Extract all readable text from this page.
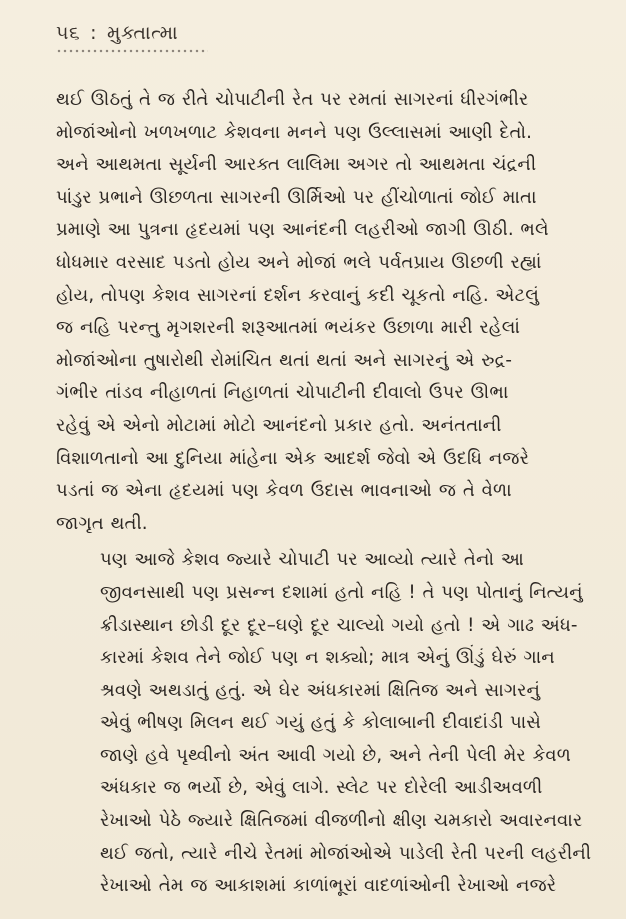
૫૬ : મુક્તાત્મા

થઈ ઊઠતું તે જ રીતે ચોપાટીની રેત પર રમતાં સાગરનાં ધીરગંભીર
મોજાંઓનો ખળખળાટ કેશવના મનને પણ ઉલ્લાસમાં આણી દેતો.
અને આથમતા સૂર્યની આરક્ત લાલિમા અગર તો આથમતા ચંદ્રની
પાંડુર પ્રભાને ઊછળતા સાગરની ઊર્મિઓ પર હીંચોળાતાં જોઈ માતા
પ્રમાણે આ પુત્રના હૃદયમાં પણ આનંદની લહરીઓ જાગી ઊઠી. ભલે
ધોધમાર વરસાદ પડતો હોય અને મોજાં ભલે પર્વતપ્રાય ઊછળી રહ્યાં
હોય, તોપણ કેશવ સાગરનાં દર્શન કરવાનું કદી ચૂકતો નહિ. એટલું
જ નહિ પરન્તુ મૃગશરની શરૂઆતમાં ભયંકર ઉછાળા મારી રહેલાં
મોજાંઓના તુષારોથી રોમાંચિત થતાં થતાં અને સાગરનું એ રુદ્ર-
ગંભીર તાંડવ નીહાળતાં નિહાળતાં ચોપાટીની દીવાલો ઉપર ઊભા
રહેવું એ એનો મોટામાં મોટો આનંદનો પ્રકાર હતો. અનંતતાની
વિશાળતાનો આ દુનિયા માંહેના એક આદર્શ જેવો એ ઉદધિ નજરે
પડતાં જ એના હૃદયમાં પણ કેવળ ઉદાસ ભાવનાઓ જ તે વેળા
જાગૃત થતી.

પણ આજે કેશવ જ્યારે ચોપાટી પર આવ્યો ત્યારે તેનો આ
જીવનસાથી પણ પ્રસન્ન દશામાં હતો નહિ ! તે પણ પોતાનું નિત્યનું
ક્રીડાસ્થાન છોડી દૂર દૂર–ઘણે દૂર ચાલ્યો ગયો હતો ! એ ગાઢ અંધ-
કારમાં કેશવ તેને જોઈ પણ ન શક્યો; માત્ર એનું ઊંડું ઘેરું ગાન
શ્રવણે અથડાતું હતું. એ ઘેર અંધકારમાં ક્ષિતિજ અને સાગરનું
એવું ભીષણ મિલન થઈ ગયું હતું કે કોલાબાની દીવાદાંડી પાસે
જાણે હવે પૃથ્વીનો અંત આવી ગયો છે, અને તેની પેલી મેર કેવળ
અંધકાર જ ભર્યો છે, એવું લાગે. સ્લેટ પર દોરેલી આડીઅવળી
રેખાઓ પેઠે જ્યારે ક્ષિતિજમાં વીજળીનો ક્ષીણ ચમકારો અવારનવાર
થઈ જતો, ત્યારે નીચે રેતમાં મોજાંઓએ પાડેલી રેતી પરની લહરીની
રેખાઓ તેમ જ આકાશમાં કાળાંભૂરાં વાદળાંઓની રેખાઓ નજરે
